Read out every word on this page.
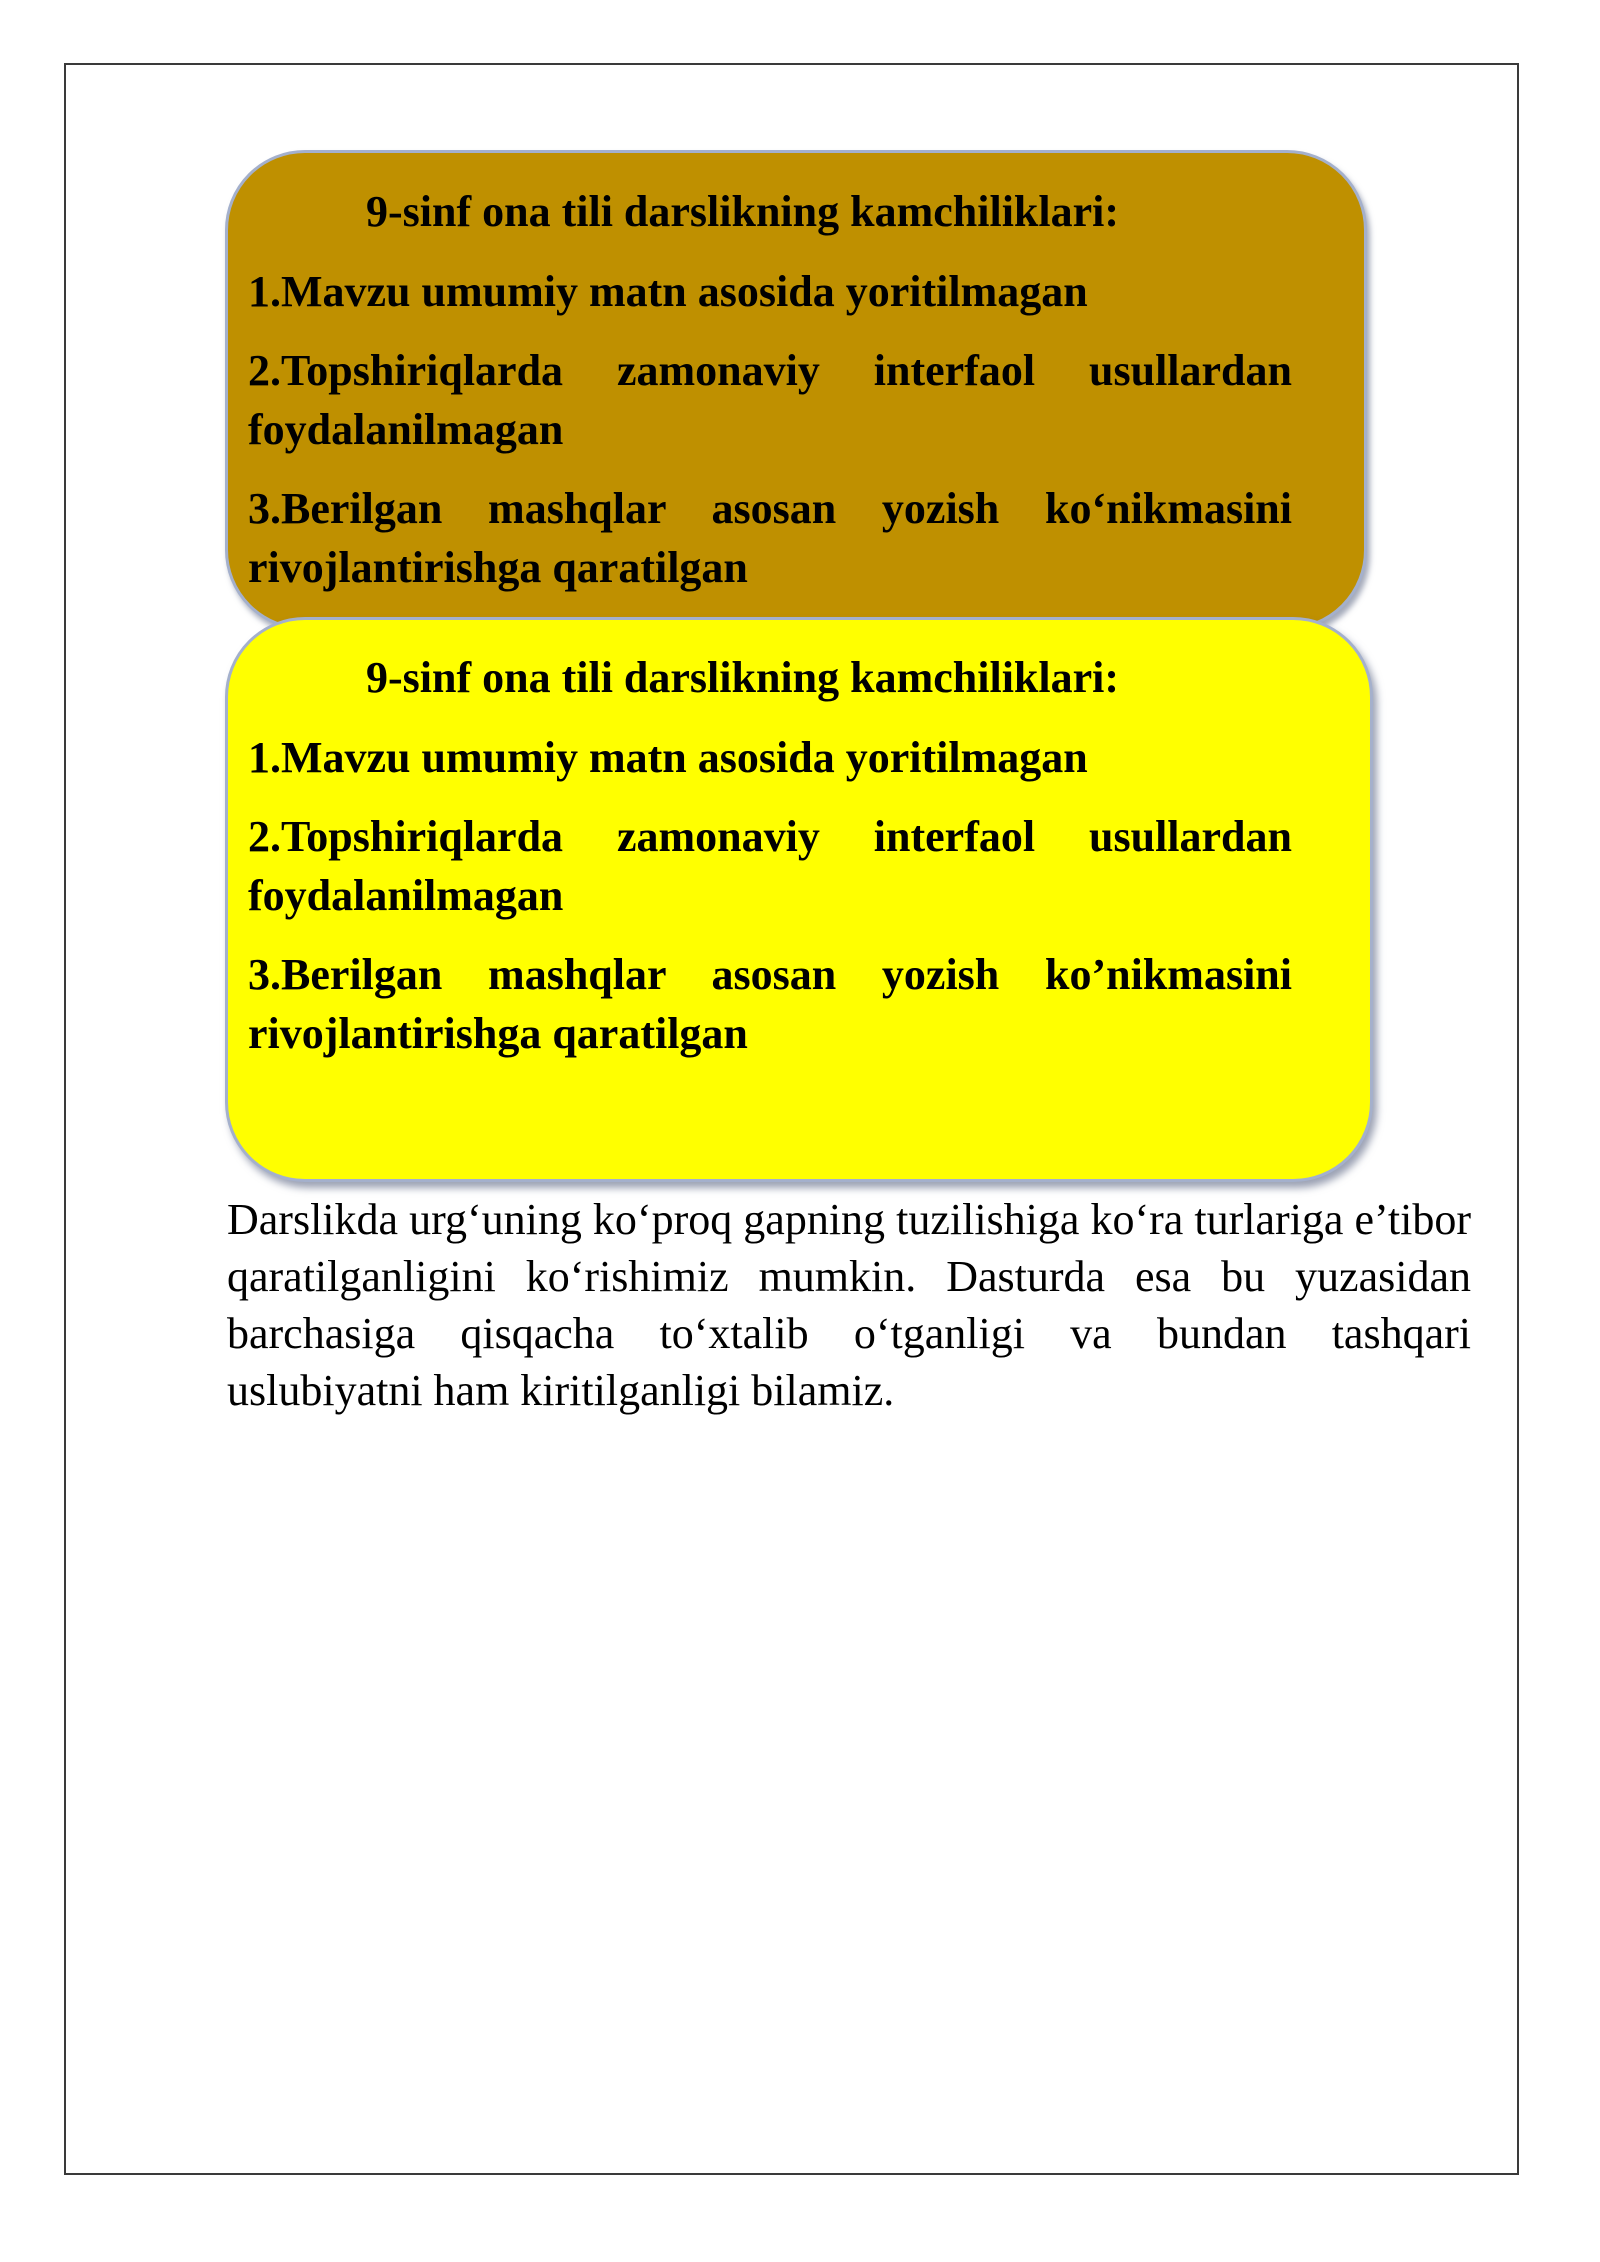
9-sinf ona tili darslikning kamchiliklari:

1.Mavzu umumiy matn asosida yoritilmagan

2.Topshiriqlarda zamonaviy interfaol usullardan foydalanilmagan

3.Berilgan mashqlar asosan yozish ko‘nikmasini rivojlantirishga qaratilgan

9-sinf ona tili darslikning kamchiliklari:

1.Mavzu umumiy matn asosida yoritilmagan

2.Topshiriqlarda zamonaviy interfaol usullardan foydalanilmagan

3.Berilgan mashqlar asosan yozish ko’nikmasini rivojlantirishga qaratilgan

Darslikda urg‘uning ko‘proq gapning tuzilishiga ko‘ra turlariga e’tibor qaratilganligini ko‘rishimiz mumkin. Dasturda esa bu yuzasidan barchasiga qisqacha to‘xtalib o‘tganligi va bundan tashqari uslubiyatni ham kiritilganligi bilamiz.
